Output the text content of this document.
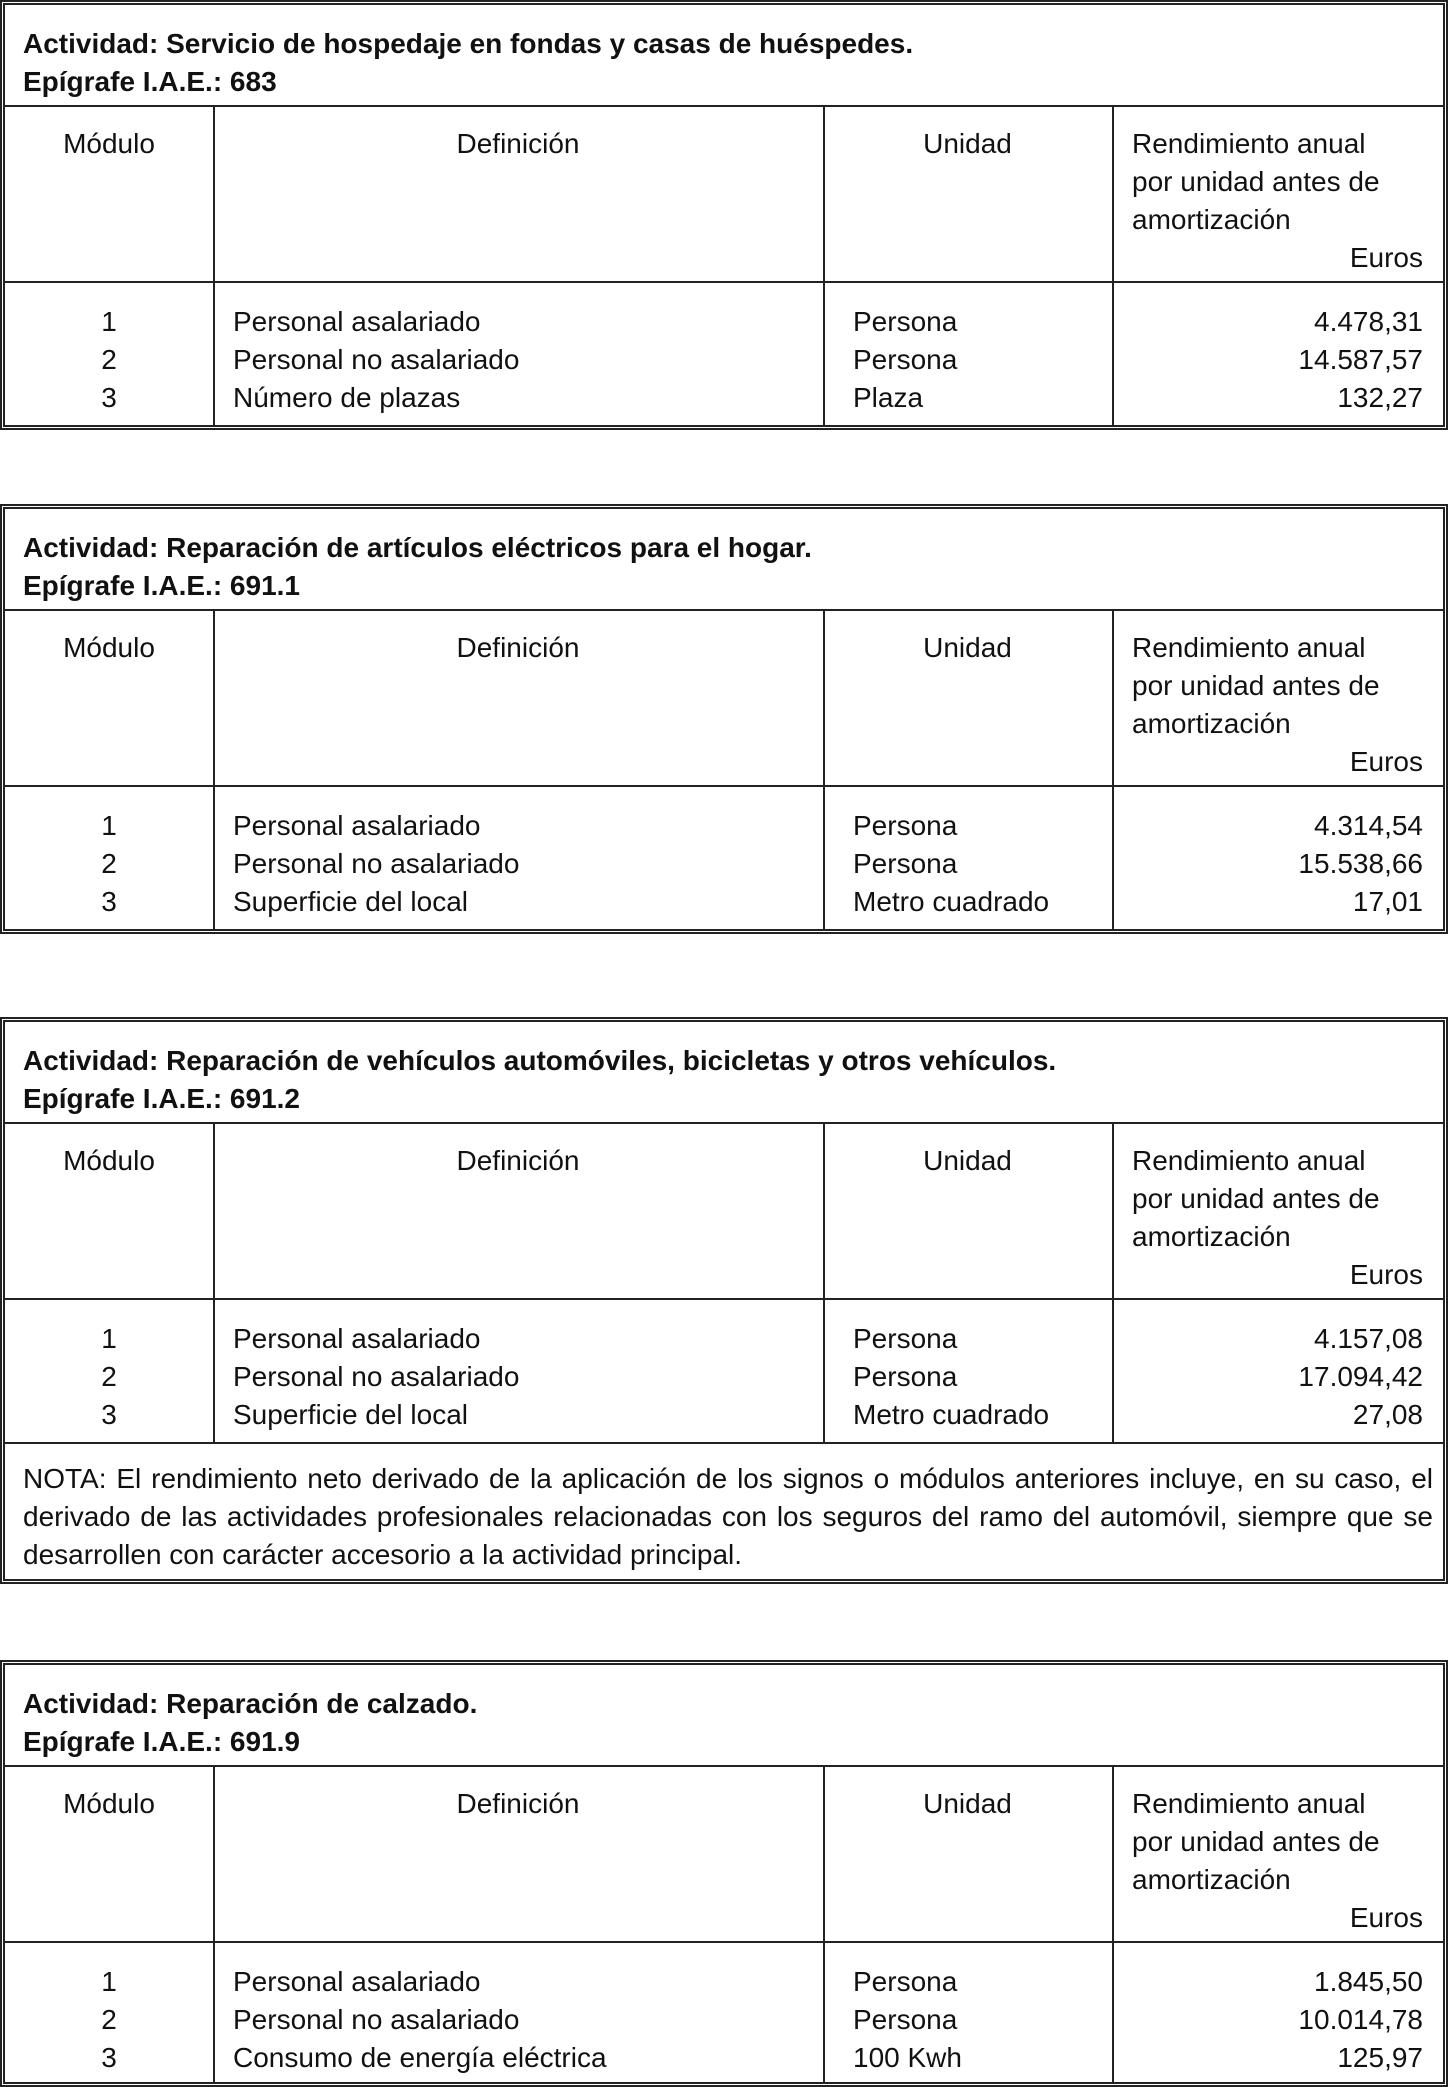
Actividad: Servicio de hospedaje en fondas y casas de huéspedes.
Epígrafe I.A.E.: 683
Módulo	Definición	Unidad	Rendimiento anual
por unidad antes de
amortización
Euros
1	Personal asalariado	Persona	4.478,31
2	Personal no asalariado	Persona	14.587,57
3	Número de plazas	Plaza	132,27
Actividad: Reparación de artículos eléctricos para el hogar.
Epígrafe I.A.E.: 691.1
Módulo	Definición	Unidad	Rendimiento anual
por unidad antes de
amortización
Euros
1	Personal asalariado	Persona	4.314,54
2	Personal no asalariado	Persona	15.538,66
3	Superficie del local	Metro cuadrado	17,01
Actividad: Reparación de vehículos automóviles, bicicletas y otros vehículos.
Epígrafe I.A.E.: 691.2
Módulo	Definición	Unidad	Rendimiento anual
por unidad antes de
amortización
Euros
1	Personal asalariado	Persona	4.157,08
2	Personal no asalariado	Persona	17.094,42
3	Superficie del local	Metro cuadrado	27,08
NOTA: El rendimiento neto derivado de la aplicación de los signos o módulos anteriores incluye, en su caso, el derivado de las actividades profesionales relacionadas con los seguros del ramo del automóvil, siempre que se desarrollen con carácter accesorio a la actividad principal.
Actividad: Reparación de calzado.
Epígrafe I.A.E.: 691.9
Módulo	Definición	Unidad	Rendimiento anual
por unidad antes de
amortización
Euros
1	Personal asalariado	Persona	1.845,50
2	Personal no asalariado	Persona	10.014,78
3	Consumo de energía eléctrica	100 Kwh	125,97
